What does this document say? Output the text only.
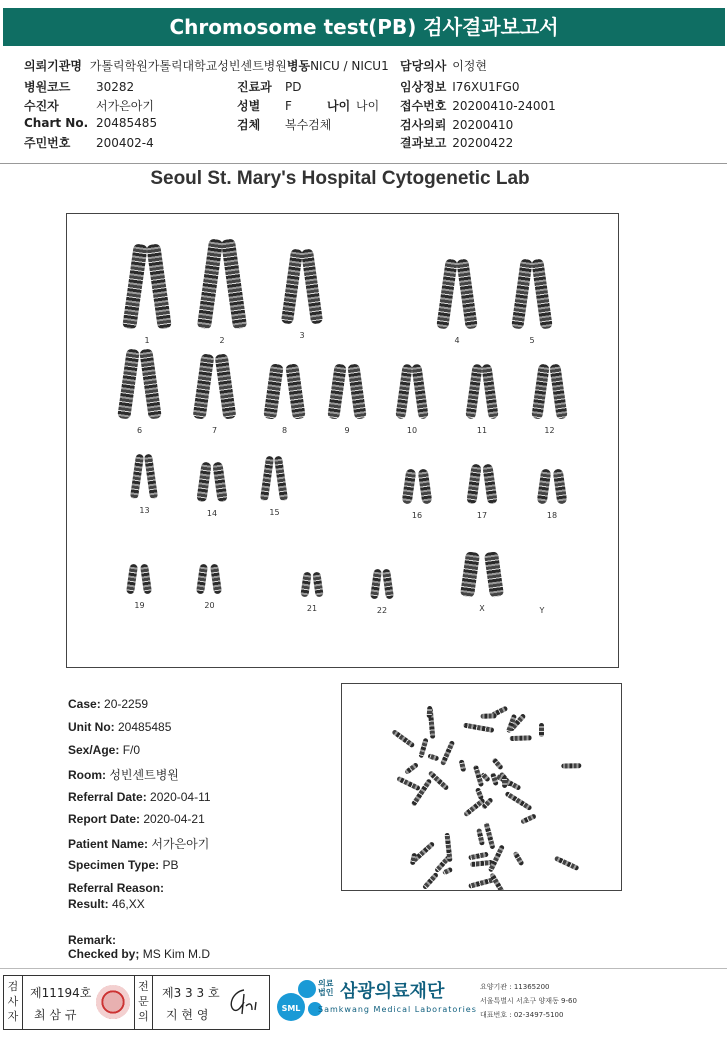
Chromosome test(PB) 검사결과보고서
의뢰기관명 가톨릭학원가톨릭대학교성빈센트병원병동NICU / NICU1 담당의사 이정현
병원코드 30282	진료과 PD	임상정보 I76XU1FG0
수진자	서가은아기	성별 F	나이 나이 접수번호 20200410-24001
Chart No. 20485485	검체 복수검체	검사의뢰 20200410
주민번호 200402-4	결과보고 20200422
Seoul St. Mary's Hospital Cytogenetic Lab
1	2
3
4	5
6	7	8	9	10	11	12
13	14	15	16	17	18
19	20	21	22	X	Y
Case: 20-2259
Unit No: 20485485
Sex/Age: F/0
Room: 성빈센트병원
Referral Date: 2020-04-11
Report Date: 2020-04-21
Patient Name: 서가은아기
Specimen Type: PB
Referral Reason:
Result: 46,XX
Remark:
Checked by; MS Kim M.D
검사자
제11194호
최 삼 규
전문의
제3 3 3 호
지 현 영	SML
의료
법인 삼광의료재단
Samkwang Medical Laboratories
요양기관 : 11365200
서울특별시 서초구 양재동 9-60
대표번호 : 02-3497-5100
